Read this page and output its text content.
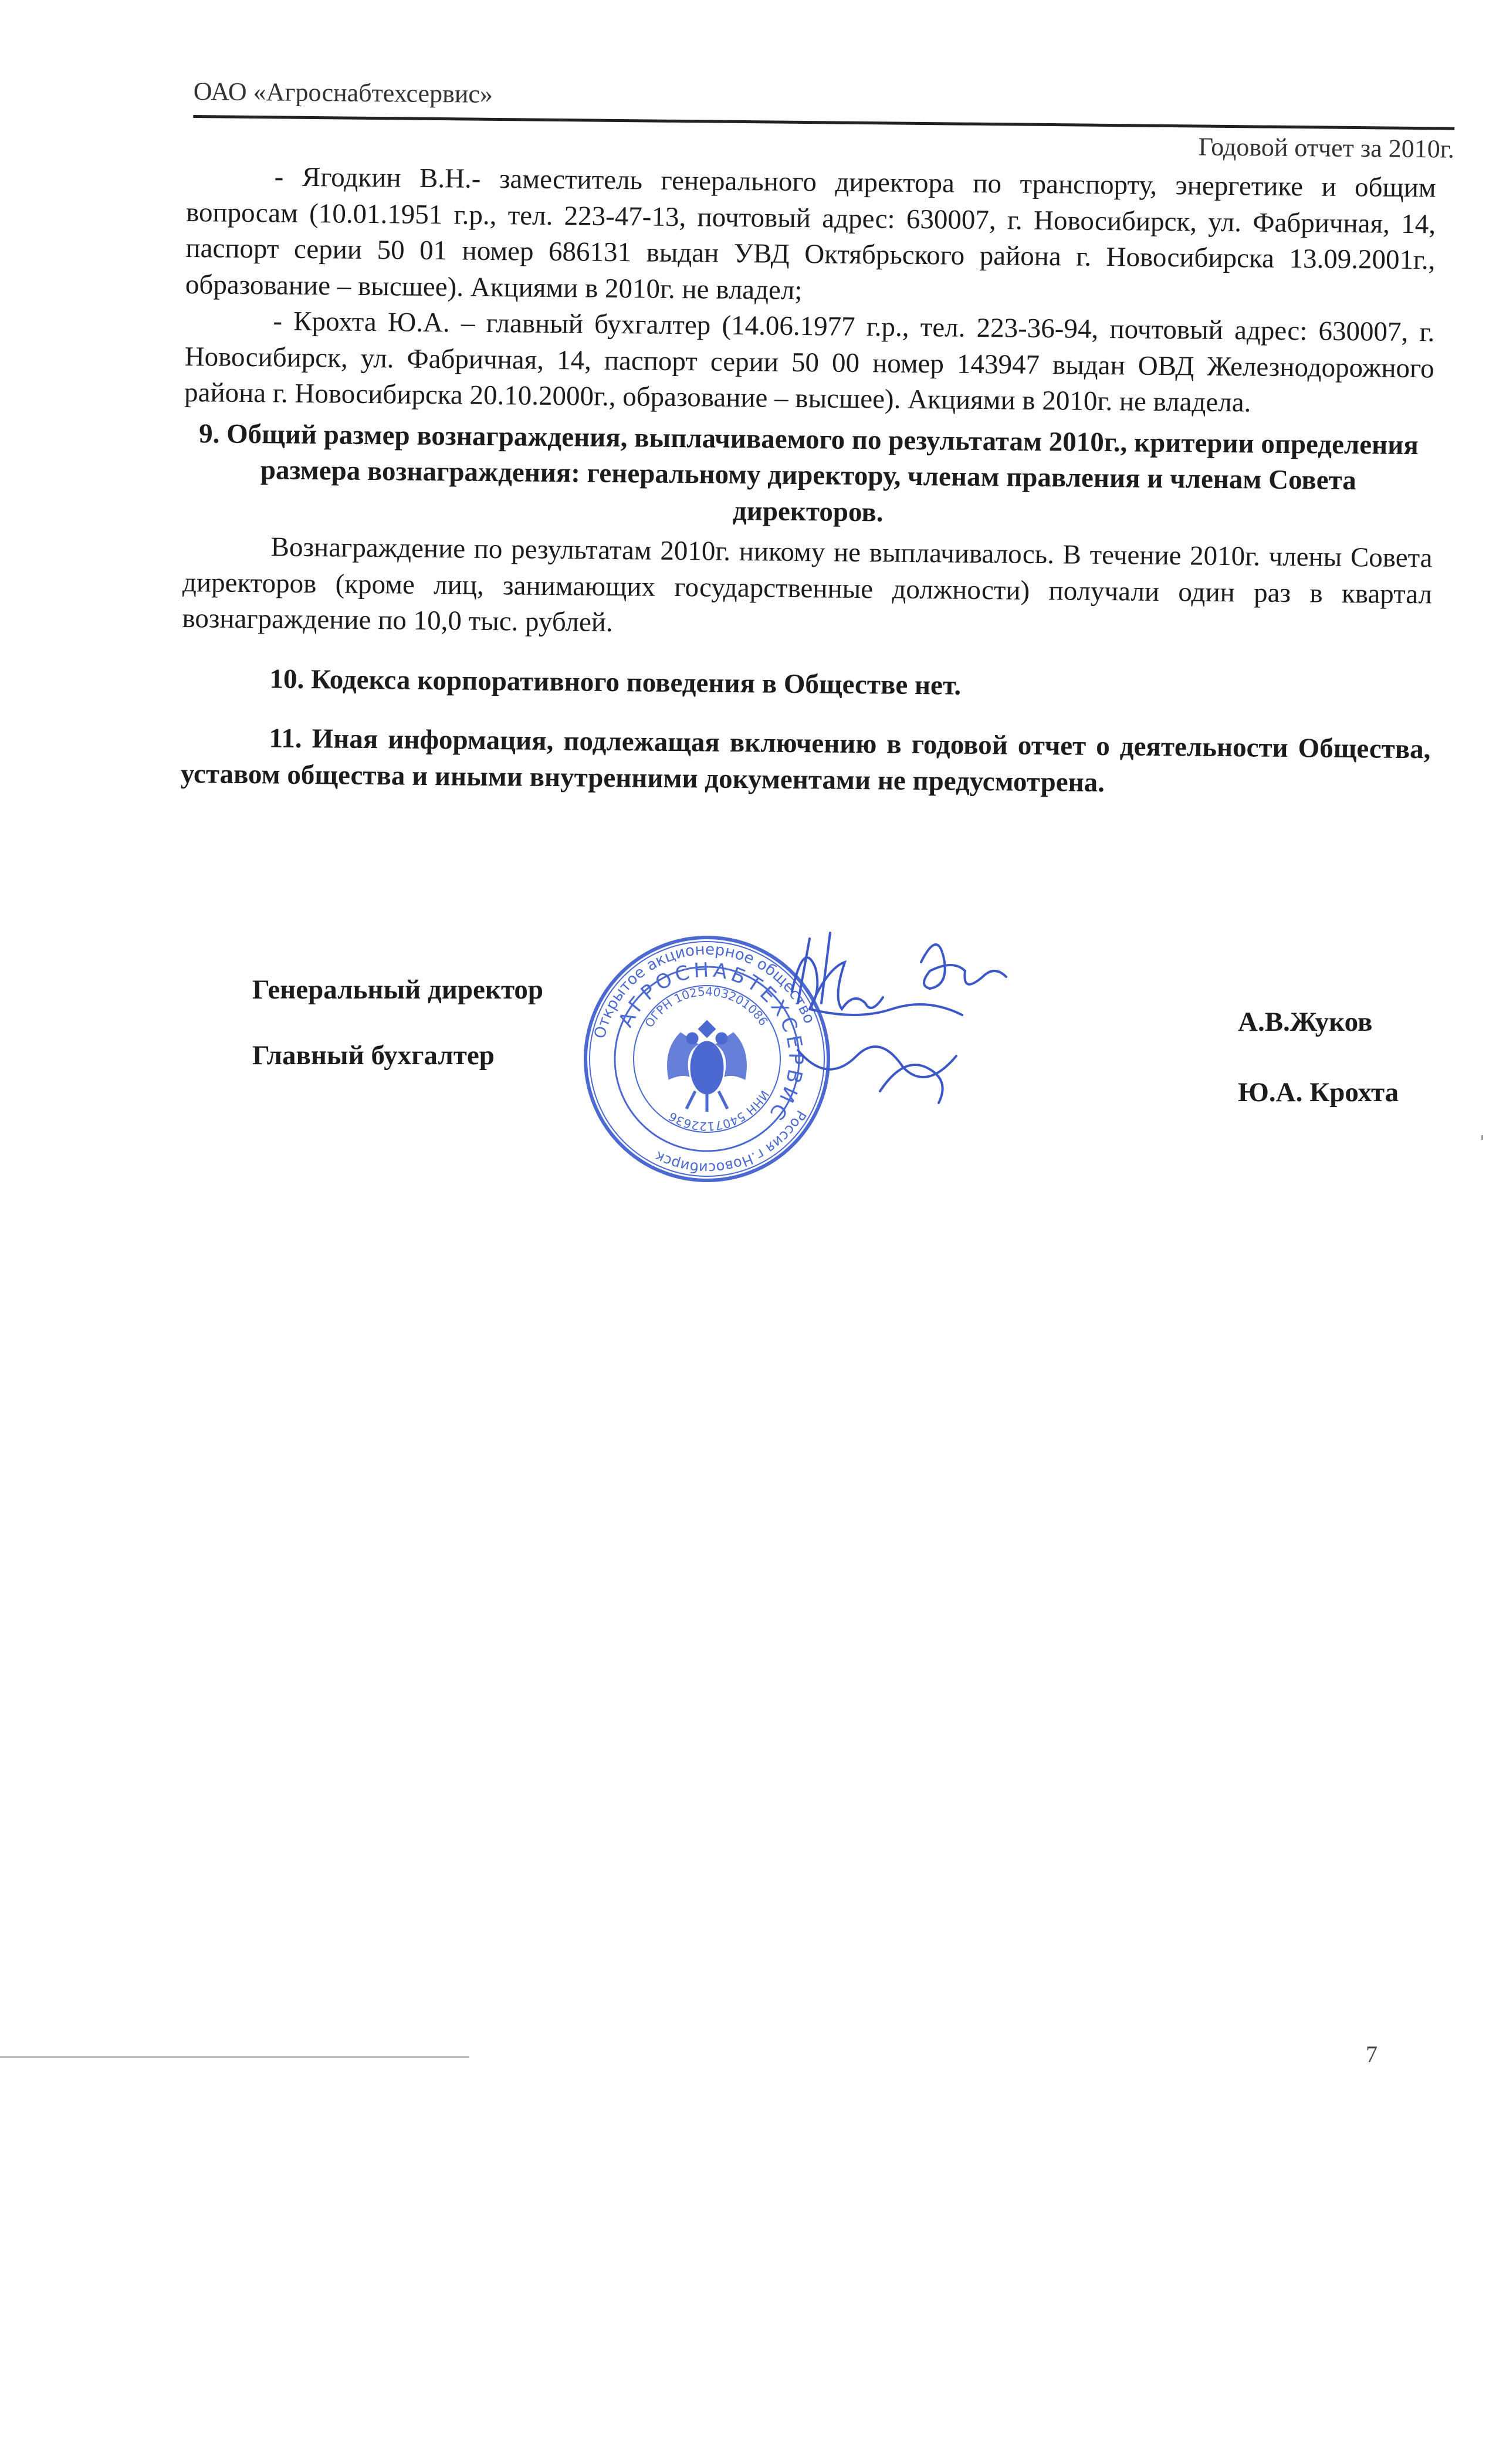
ОАО «Агроснабтехсервис»
Годовой отчет за 2010г.

- Ягодкин В.Н.- заместитель генерального директора по транспорту, энергетике и общим вопросам (10.01.1951 г.р., тел. 223-47-13, почтовый адрес: 630007, г. Новосибирск, ул. Фабричная, 14, паспорт серии 50 01 номер 686131 выдан УВД Октябрьского района г. Новосибирска 13.09.2001г., образование – высшее). Акциями в 2010г. не владел;

- Крохта Ю.А. – главный бухгалтер (14.06.1977 г.р., тел. 223-36-94, почтовый адрес: 630007, г. Новосибирск, ул. Фабричная, 14, паспорт серии 50 00 номер 143947 выдан ОВД Железнодорожного района г. Новосибирска 20.10.2000г., образование – высшее). Акциями в 2010г. не владела.

9. Общий размер вознаграждения, выплачиваемого по результатам 2010г., критерии определения размера вознаграждения: генеральному директору, членам правления и членам Совета директоров.

Вознаграждение по результатам 2010г. никому не выплачивалось. В течение 2010г. члены Совета директоров (кроме лиц, занимающих государственные должности) получали один раз в квартал вознаграждение по 10,0 тыс. рублей.

10. Кодекса корпоративного поведения в Обществе нет.

11. Иная информация, подлежащая включению в годовой отчет о деятельности Общества, уставом общества и иными внутренними документами не предусмотрена.

Генеральный директор
Главный бухгалтер
А.В.Жуков
Ю.А. Крохта
Открытое акционерное общество
Россия г.Новосибирск
АГРОСНАБТЕХСЕРВИС
ОГРН 1025403201086
ИНН 5407122636
7
